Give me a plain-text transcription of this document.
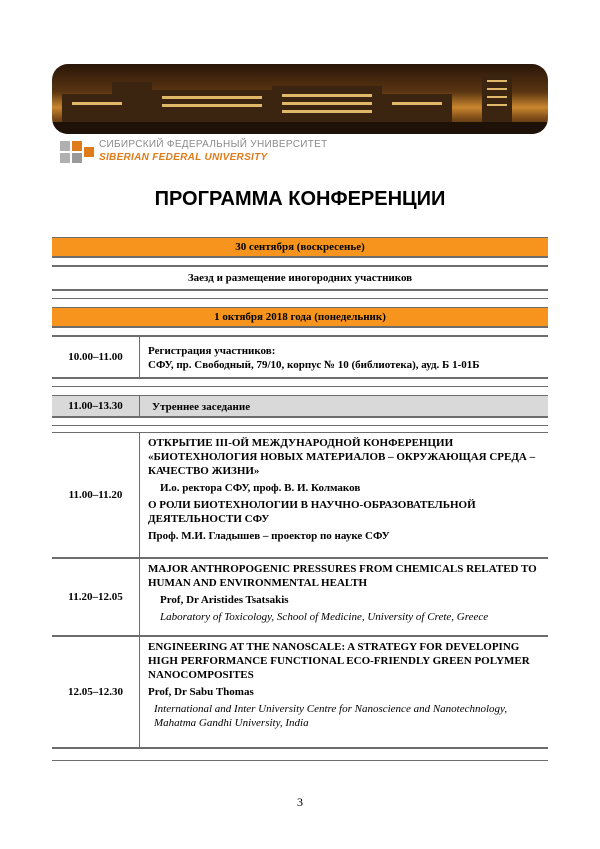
СИБИРСКИЙ ФЕДЕРАЛЬНЫЙ УНИВЕРСИТЕТ
SIBERIAN FEDERAL UNIVERSITY
ПРОГРАММА КОНФЕРЕНЦИИ
30 сентября (воскресенье)
Заезд и размещение иногородних участников
1 октября 2018 года (понедельник)
10.00–11.00	Регистрация участников:
СФУ, пр. Свободный, 79/10, корпус № 10 (библиотека), ауд. Б 1-01Б
11.00–13.30	Утреннее заседание
11.00–11.20
ОТКРЫТИЕ III-ОЙ МЕЖДУНАРОДНОЙ КОНФЕРЕНЦИИ «БИОТЕХНОЛОГИЯ НОВЫХ МАТЕРИАЛОВ – ОКРУЖАЮЩАЯ СРЕДА – КАЧЕСТВО ЖИЗНИ»
И.о. ректора СФУ, проф. В. И. Колмаков
О РОЛИ БИОТЕХНОЛОГИИ В НАУЧНО-ОБРАЗОВАТЕЛЬНОЙ ДЕЯТЕЛЬНОСТИ СФУ
Проф. М.И. Гладышев – проектор по науке СФУ
11.20–12.05
MAJOR ANTHROPOGENIC PRESSURES FROM CHEMICALS RELATED TO HUMAN AND ENVIRONMENTAL HEALTH
Prof, Dr Aristides Tsatsakis
Laboratory of Toxicology, School of Medicine, University of Crete, Greece
12.05–12.30
ENGINEERING AT THE NANOSCALE: A STRATEGY FOR DEVELOPING HIGH PERFORMANCE FUNCTIONAL ECO-FRIENDLY GREEN POLYMER NANOCOMPOSITES
Prof, Dr Sabu Thomas
International and Inter University Centre for Nanoscience and Nanotechnology, Mahatma Gandhi University, India
3
